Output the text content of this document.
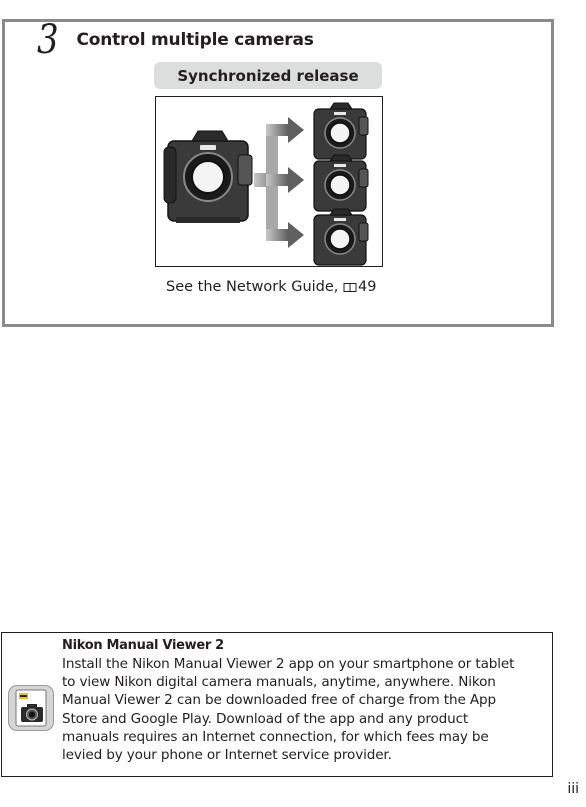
3 Control multiple cameras
Synchronized release
See the Network Guide,
49
Nikon Manual Viewer 2
Install the Nikon Manual Viewer 2 app on your smartphone or tablet
to view Nikon digital camera manuals, anytime, anywhere. Nikon
Manual Viewer 2 can be downloaded free of charge from the App
Store and Google Play. Download of the app and any product
manuals requires an Internet connection, for which fees may be
levied by your phone or Internet service provider.
iii
